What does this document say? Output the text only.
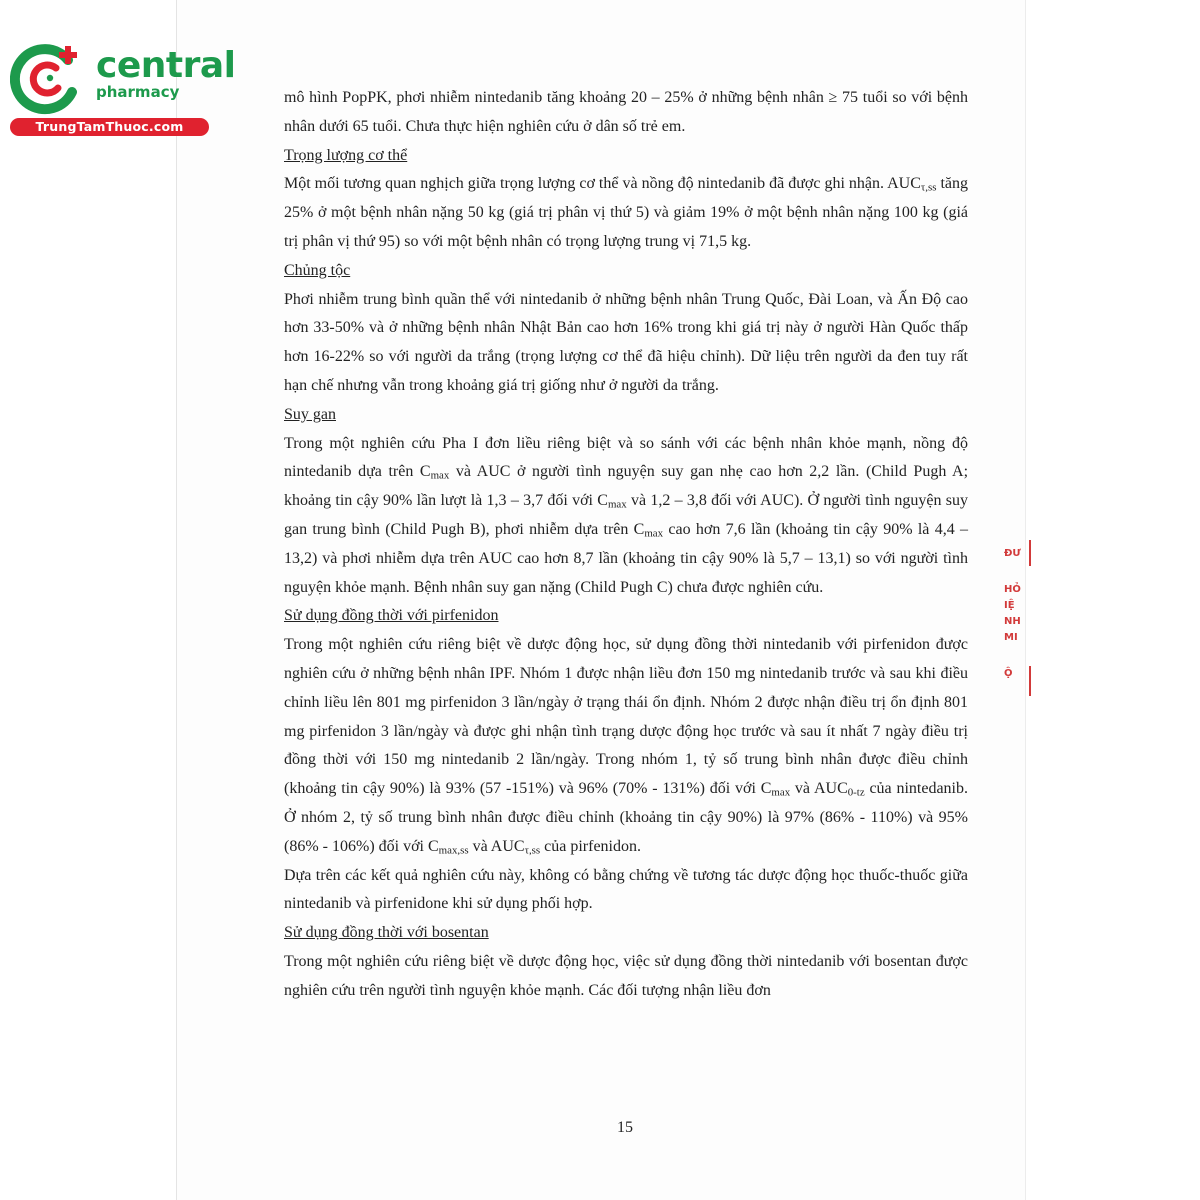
central
pharmacy
TrungTamThuoc.com

mô hình PopPK, phơi nhiễm nintedanib tăng khoảng 20 – 25% ở những bệnh nhân ≥ 75 tuổi so với bệnh nhân dưới 65 tuổi. Chưa thực hiện nghiên cứu ở dân số trẻ em.

Trọng lượng cơ thể

Một mối tương quan nghịch giữa trọng lượng cơ thể và nồng độ nintedanib đã được ghi nhận. $AUC_{\tau,ss}$ tăng 25% ở một bệnh nhân nặng 50 kg (giá trị phân vị thứ 5) và giảm 19% ở một bệnh nhân nặng 100 kg (giá trị phân vị thứ 95) so với một bệnh nhân có trọng lượng trung vị 71,5 kg.

Chủng tộc

Phơi nhiễm trung bình quần thể với nintedanib ở những bệnh nhân Trung Quốc, Đài Loan, và Ấn Độ cao hơn 33-50% và ở những bệnh nhân Nhật Bản cao hơn 16% trong khi giá trị này ở người Hàn Quốc thấp hơn 16-22% so với người da trắng (trọng lượng cơ thể đã hiệu chỉnh). Dữ liệu trên người da đen tuy rất hạn chế nhưng vẫn trong khoảng giá trị giống như ở người da trắng.

Suy gan

Trong một nghiên cứu Pha I đơn liều riêng biệt và so sánh với các bệnh nhân khỏe mạnh, nồng độ nintedanib dựa trên $C_{max}$ và AUC ở người tình nguyện suy gan nhẹ cao hơn 2,2 lần. (Child Pugh A; khoảng tin cậy 90% lần lượt là 1,3 – 3,7 đối với $C_{max}$ và 1,2 – 3,8 đối với AUC). Ở người tình nguyện suy gan trung bình (Child Pugh B), phơi nhiễm dựa trên $C_{max}$ cao hơn 7,6 lần (khoảng tin cậy 90% là 4,4 – 13,2) và phơi nhiễm dựa trên AUC cao hơn 8,7 lần (khoảng tin cậy 90% là 5,7 – 13,1) so với người tình nguyện khỏe mạnh. Bệnh nhân suy gan nặng (Child Pugh C) chưa được nghiên cứu.

Sử dụng đồng thời với pirfenidon

Trong một nghiên cứu riêng biệt về dược động học, sử dụng đồng thời nintedanib với pirfenidon được nghiên cứu ở những bệnh nhân IPF. Nhóm 1 được nhận liều đơn 150 mg nintedanib trước và sau khi điều chỉnh liều lên 801 mg pirfenidon 3 lần/ngày ở trạng thái ổn định. Nhóm 2 được nhận điều trị ổn định 801 mg pirfenidon 3 lần/ngày và được ghi nhận tình trạng dược động học trước và sau ít nhất 7 ngày điều trị đồng thời với 150 mg nintedanib 2 lần/ngày. Trong nhóm 1, tỷ số trung bình nhân được điều chỉnh (khoảng tin cậy 90%) là 93% (57 -151%) và 96% (70% - 131%) đối với $C_{max}$ và $AUC_{0-tz}$ của nintedanib. Ở nhóm 2, tỷ số trung bình nhân được điều chỉnh (khoảng tin cậy 90%) là 97% (86% - 110%) và 95% (86% - 106%) đối với $C_{max,ss}$ và $AUC_{\tau,ss}$ của pirfenidon.

Dựa trên các kết quả nghiên cứu này, không có bằng chứng về tương tác dược động học thuốc-thuốc giữa nintedanib và pirfenidone khi sử dụng phối hợp.

Sử dụng đồng thời với bosentan

Trong một nghiên cứu riêng biệt về dược động học, việc sử dụng đồng thời nintedanib với bosentan được nghiên cứu trên người tình nguyện khỏe mạnh. Các đối tượng nhận liều đơn

15
ĐƯ
HỎ
IỆ
NH
MI
Ộ
